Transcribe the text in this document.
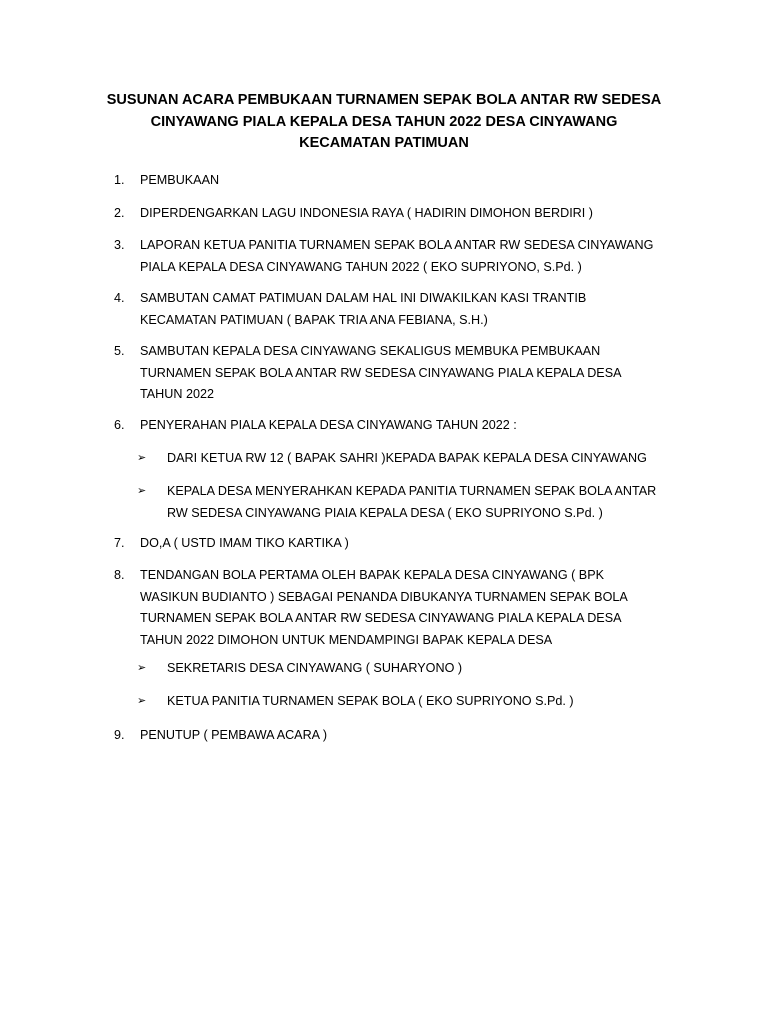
SUSUNAN ACARA PEMBUKAAN TURNAMEN SEPAK BOLA ANTAR RW SEDESA
CINYAWANG PIALA KEPALA DESA TAHUN 2022 DESA CINYAWANG
KECAMATAN PATIMUAN
1. PEMBUKAAN
2. DIPERDENGARKAN LAGU INDONESIA RAYA ( HADIRIN DIMOHON BERDIRI )
3. LAPORAN KETUA PANITIA TURNAMEN SEPAK BOLA ANTAR RW SEDESA CINYAWANG
PIALA KEPALA DESA CINYAWANG TAHUN 2022 ( EKO SUPRIYONO, S.Pd. )
4. SAMBUTAN CAMAT PATIMUAN DALAM HAL INI DIWAKILKAN KASI TRANTIB
KECAMATAN PATIMUAN ( BAPAK TRIA ANA FEBIANA, S.H.)
5. SAMBUTAN KEPALA DESA CINYAWANG SEKALIGUS MEMBUKA PEMBUKAAN
TURNAMEN SEPAK BOLA ANTAR RW SEDESA CINYAWANG PIALA KEPALA DESA
TAHUN 2022
6. PENYERAHAN PIALA KEPALA DESA CINYAWANG TAHUN 2022 :
➢ DARI KETUA RW 12 ( BAPAK SAHRI )KEPADA BAPAK KEPALA DESA CINYAWANG
➢ KEPALA DESA MENYERAHKAN KEPADA PANITIA TURNAMEN SEPAK BOLA ANTAR
RW SEDESA CINYAWANG PIAIA KEPALA DESA ( EKO SUPRIYONO S.Pd. )
7. DO,A ( USTD IMAM TIKO KARTIKA )
8. TENDANGAN BOLA PERTAMA OLEH BAPAK KEPALA DESA CINYAWANG ( BPK
WASIKUN BUDIANTO ) SEBAGAI PENANDA DIBUKANYA TURNAMEN SEPAK BOLA
TURNAMEN SEPAK BOLA ANTAR RW SEDESA CINYAWANG PIALA KEPALA DESA
TAHUN 2022 DIMOHON UNTUK MENDAMPINGI BAPAK KEPALA DESA
➢ SEKRETARIS DESA CINYAWANG ( SUHARYONO )
➢ KETUA PANITIA TURNAMEN SEPAK BOLA ( EKO SUPRIYONO S.Pd. )
9. PENUTUP ( PEMBAWA ACARA )
